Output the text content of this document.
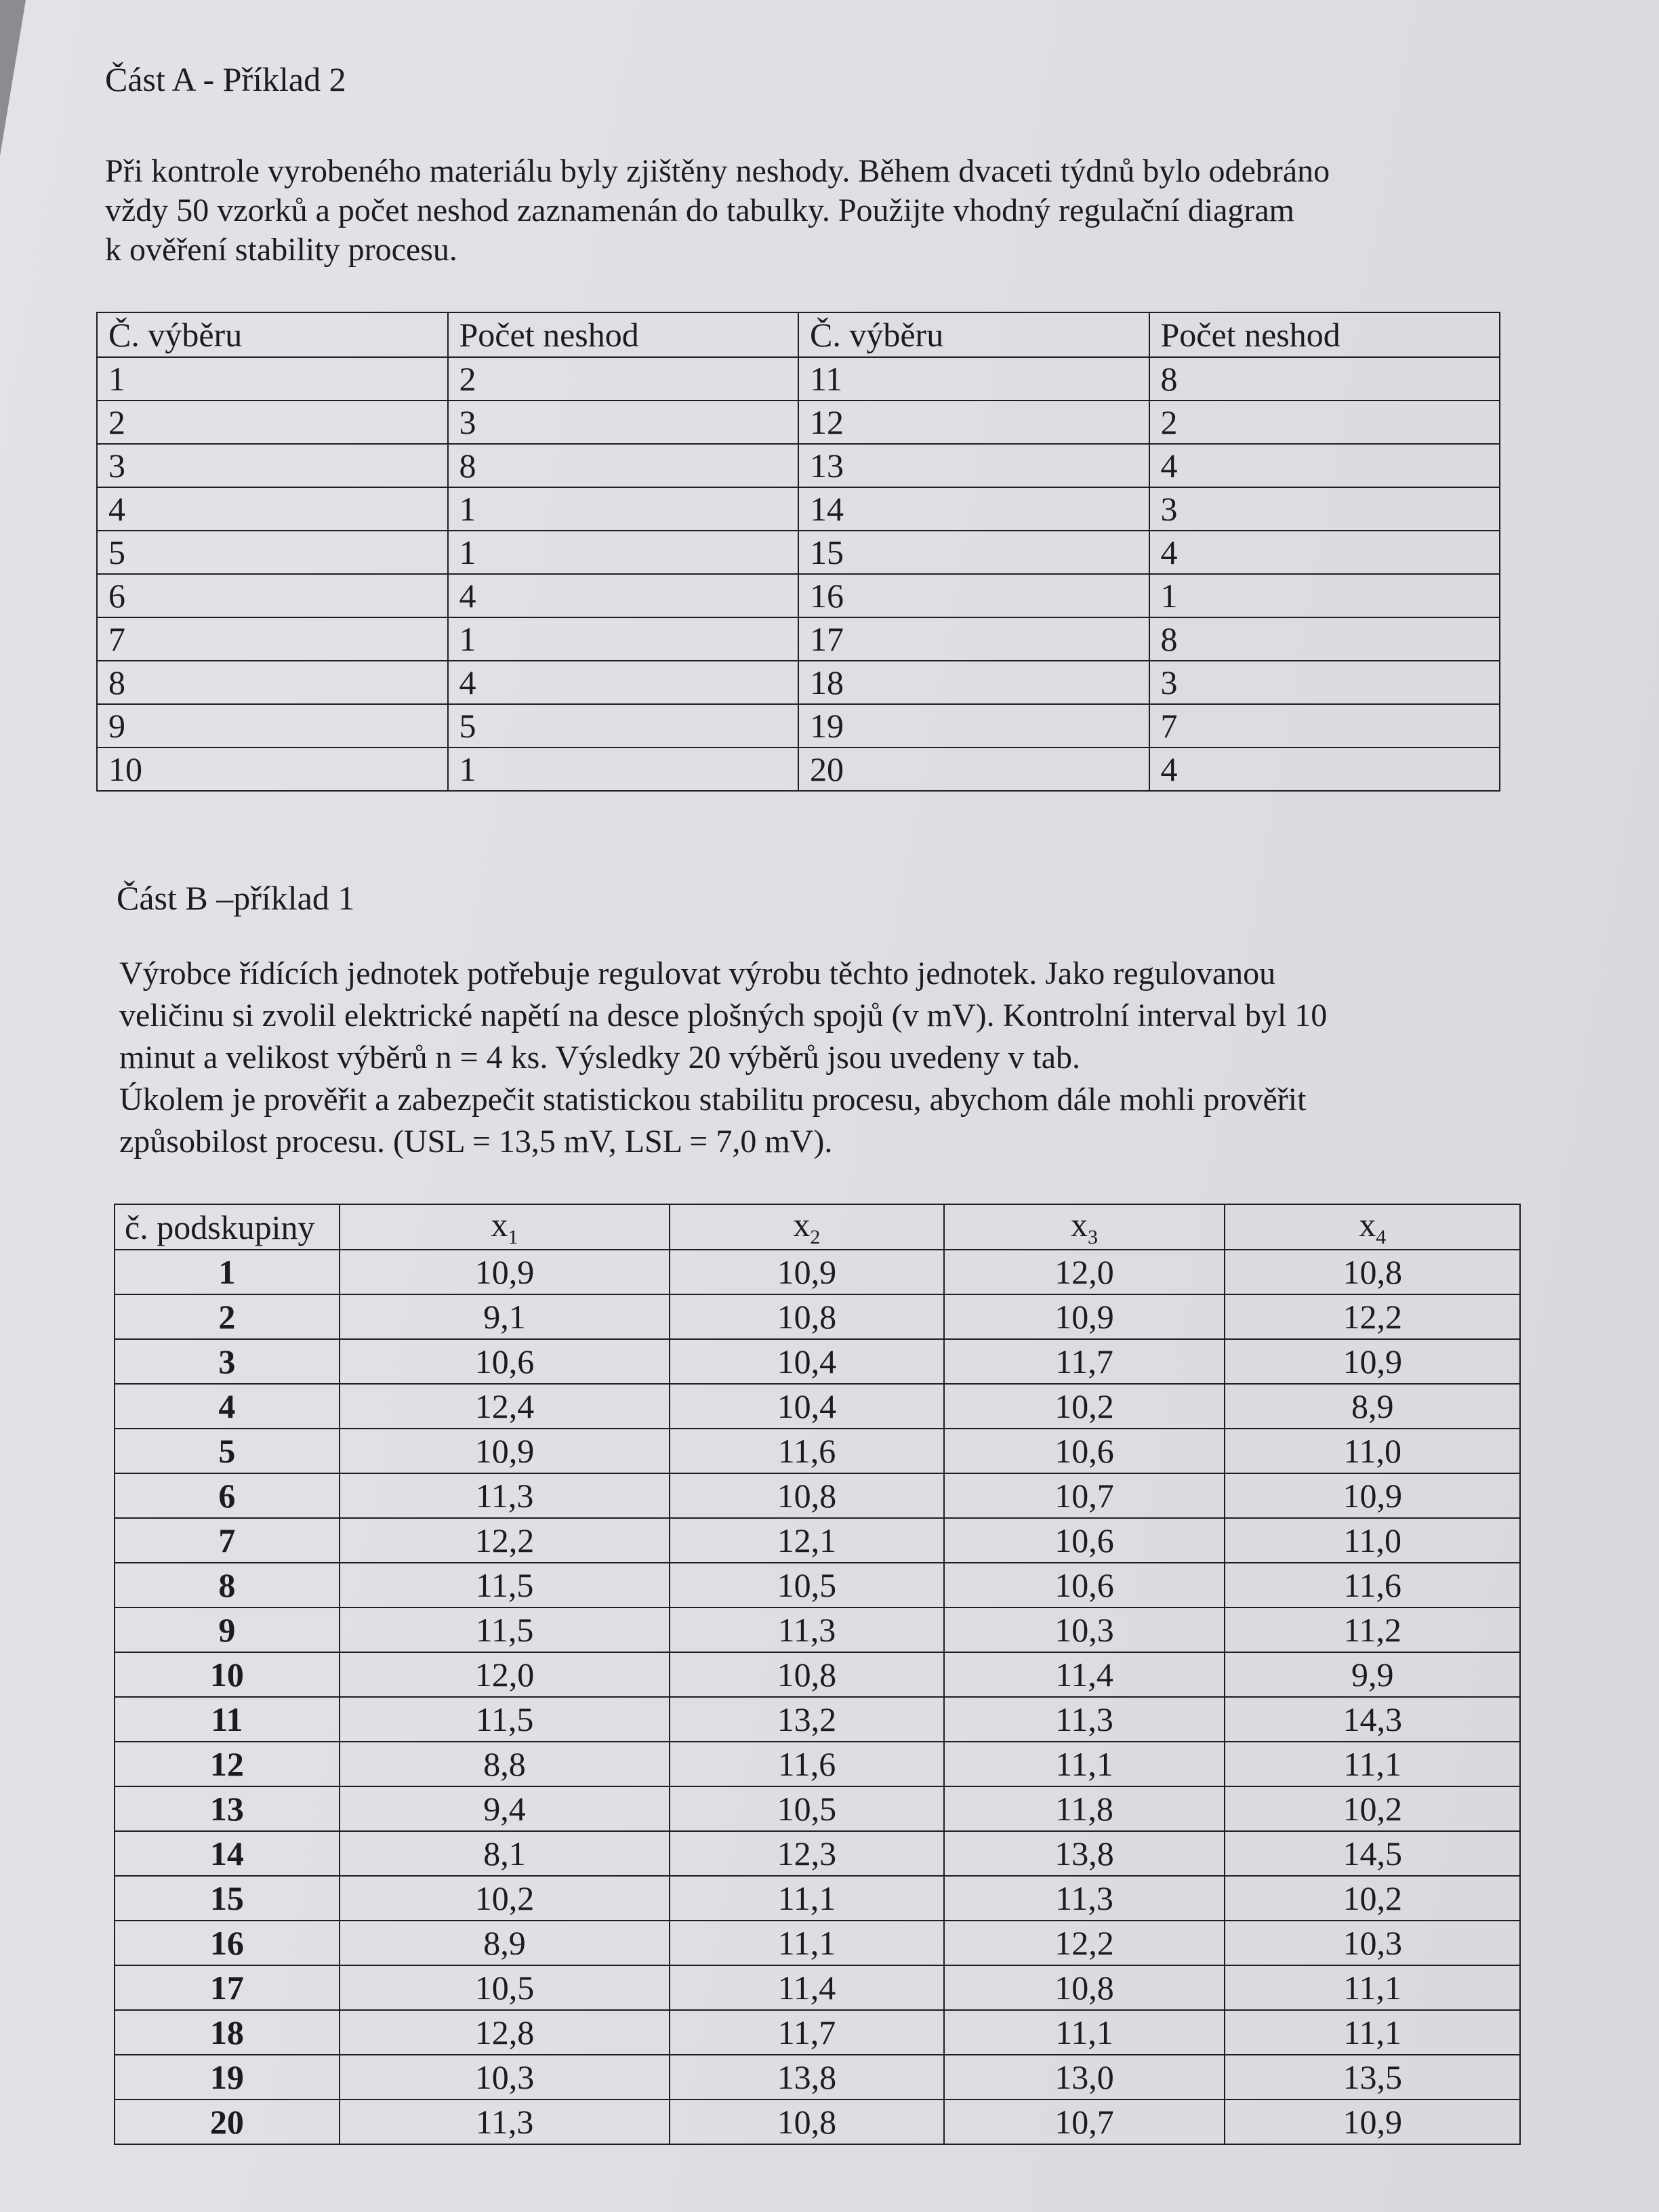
Část A - Příklad 2

Při kontrole vyrobeného materiálu byly zjištěny neshody. Během dvaceti týdnů bylo odebráno

vždy 50 vzorků a počet neshod zaznamenán do tabulky. Použijte vhodný regulační diagram

k ověření stability procesu.

Č. výběru	Počet neshod	Č. výběru	Počet neshod
1	2	11	8
2	3	12	2
3	8	13	4
4	1	14	3
5	1	15	4
6	4	16	1
7	1	17	8
8	4	18	3
9	5	19	7
10	1	20	4
Část B –příklad 1

Výrobce řídících jednotek potřebuje regulovat výrobu těchto jednotek. Jako regulovanou

veličinu si zvolil elektrické napětí na desce plošných spojů (v mV). Kontrolní interval byl 10

minut a velikost výběrů n = 4 ks. Výsledky 20 výběrů jsou uvedeny v tab.

Úkolem je prověřit a zabezpečit statistickou stabilitu procesu, abychom dále mohli prověřit

způsobilost procesu. (USL = 13,5 mV, LSL = 7,0 mV).

č. podskupiny	$x_1$	$x_2$	$x_3$	$x_4$
1	10,9	10,9	12,0	10,8
2	9,1	10,8	10,9	12,2
3	10,6	10,4	11,7	10,9
4	12,4	10,4	10,2	8,9
5	10,9	11,6	10,6	11,0
6	11,3	10,8	10,7	10,9
7	12,2	12,1	10,6	11,0
8	11,5	10,5	10,6	11,6
9	11,5	11,3	10,3	11,2
10	12,0	10,8	11,4	9,9
11	11,5	13,2	11,3	14,3
12	8,8	11,6	11,1	11,1
13	9,4	10,5	11,8	10,2
14	8,1	12,3	13,8	14,5
15	10,2	11,1	11,3	10,2
16	8,9	11,1	12,2	10,3
17	10,5	11,4	10,8	11,1
18	12,8	11,7	11,1	11,1
19	10,3	13,8	13,0	13,5
20	11,3	10,8	10,7	10,9
